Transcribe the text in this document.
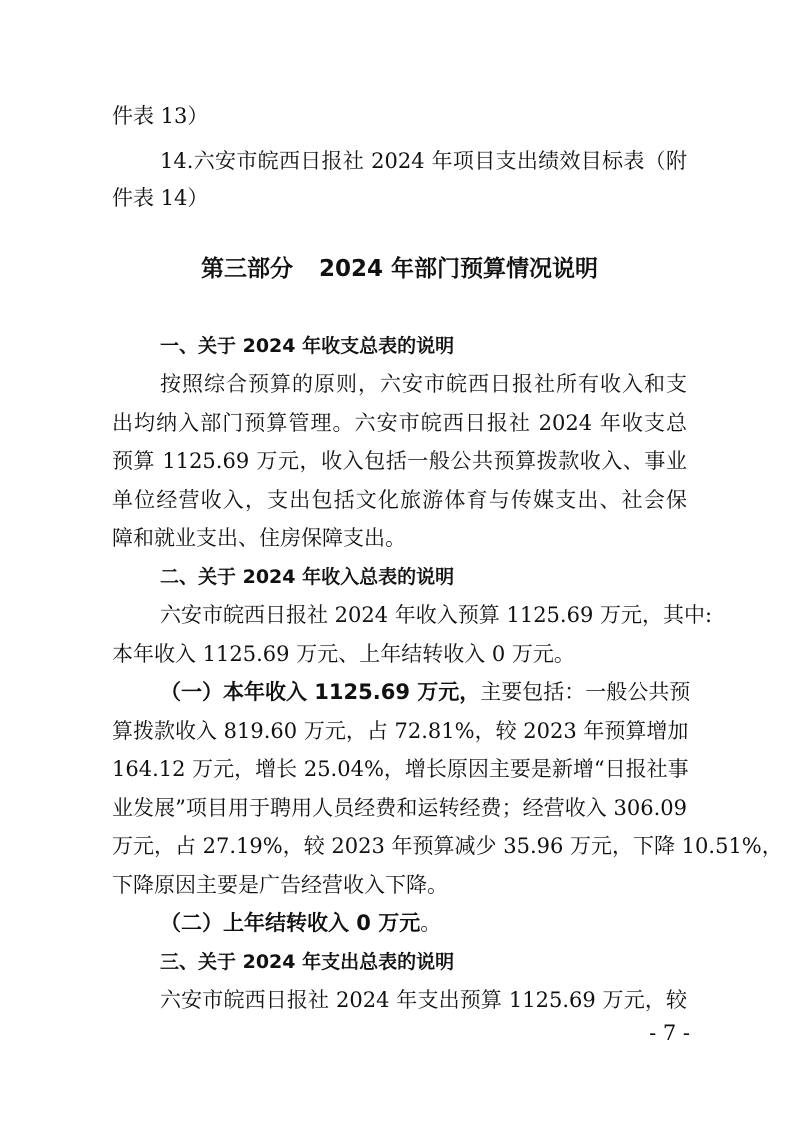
件表 13）
14.六安市皖西日报社 2024 年项目支出绩效目标表（附
件表 14）
第三部分 2024 年部门预算情况说明
一、关于 2024 年收支总表的说明
按照综合预算的原则，六安市皖西日报社所有收入和支
出均纳入部门预算管理。六安市皖西日报社 2024 年收支总
预算 1125.69 万元，收入包括一般公共预算拨款收入、事业
单位经营收入，支出包括文化旅游体育与传媒支出、社会保
障和就业支出、住房保障支出。
二、关于 2024 年收入总表的说明
六安市皖西日报社 2024 年收入预算 1125.69 万元，其中:
本年收入 1125.69 万元、上年结转收入 0 万元。
（一）本年收入 1125.69 万元，主要包括：一般公共预
算拨款收入 819.60 万元，占 72.81%，较 2023 年预算增加
164.12 万元，增长 25.04%，增长原因主要是新增“日报社事
业发展”项目用于聘用人员经费和运转经费；经营收入 306.09
万元，占 27.19%，较 2023 年预算减少 35.96 万元，下降 10.51%，
下降原因主要是广告经营收入下降。
（二）上年结转收入 0 万元。
三、关于 2024 年支出总表的说明
六安市皖西日报社 2024 年支出预算 1125.69 万元，较
- 7 -
